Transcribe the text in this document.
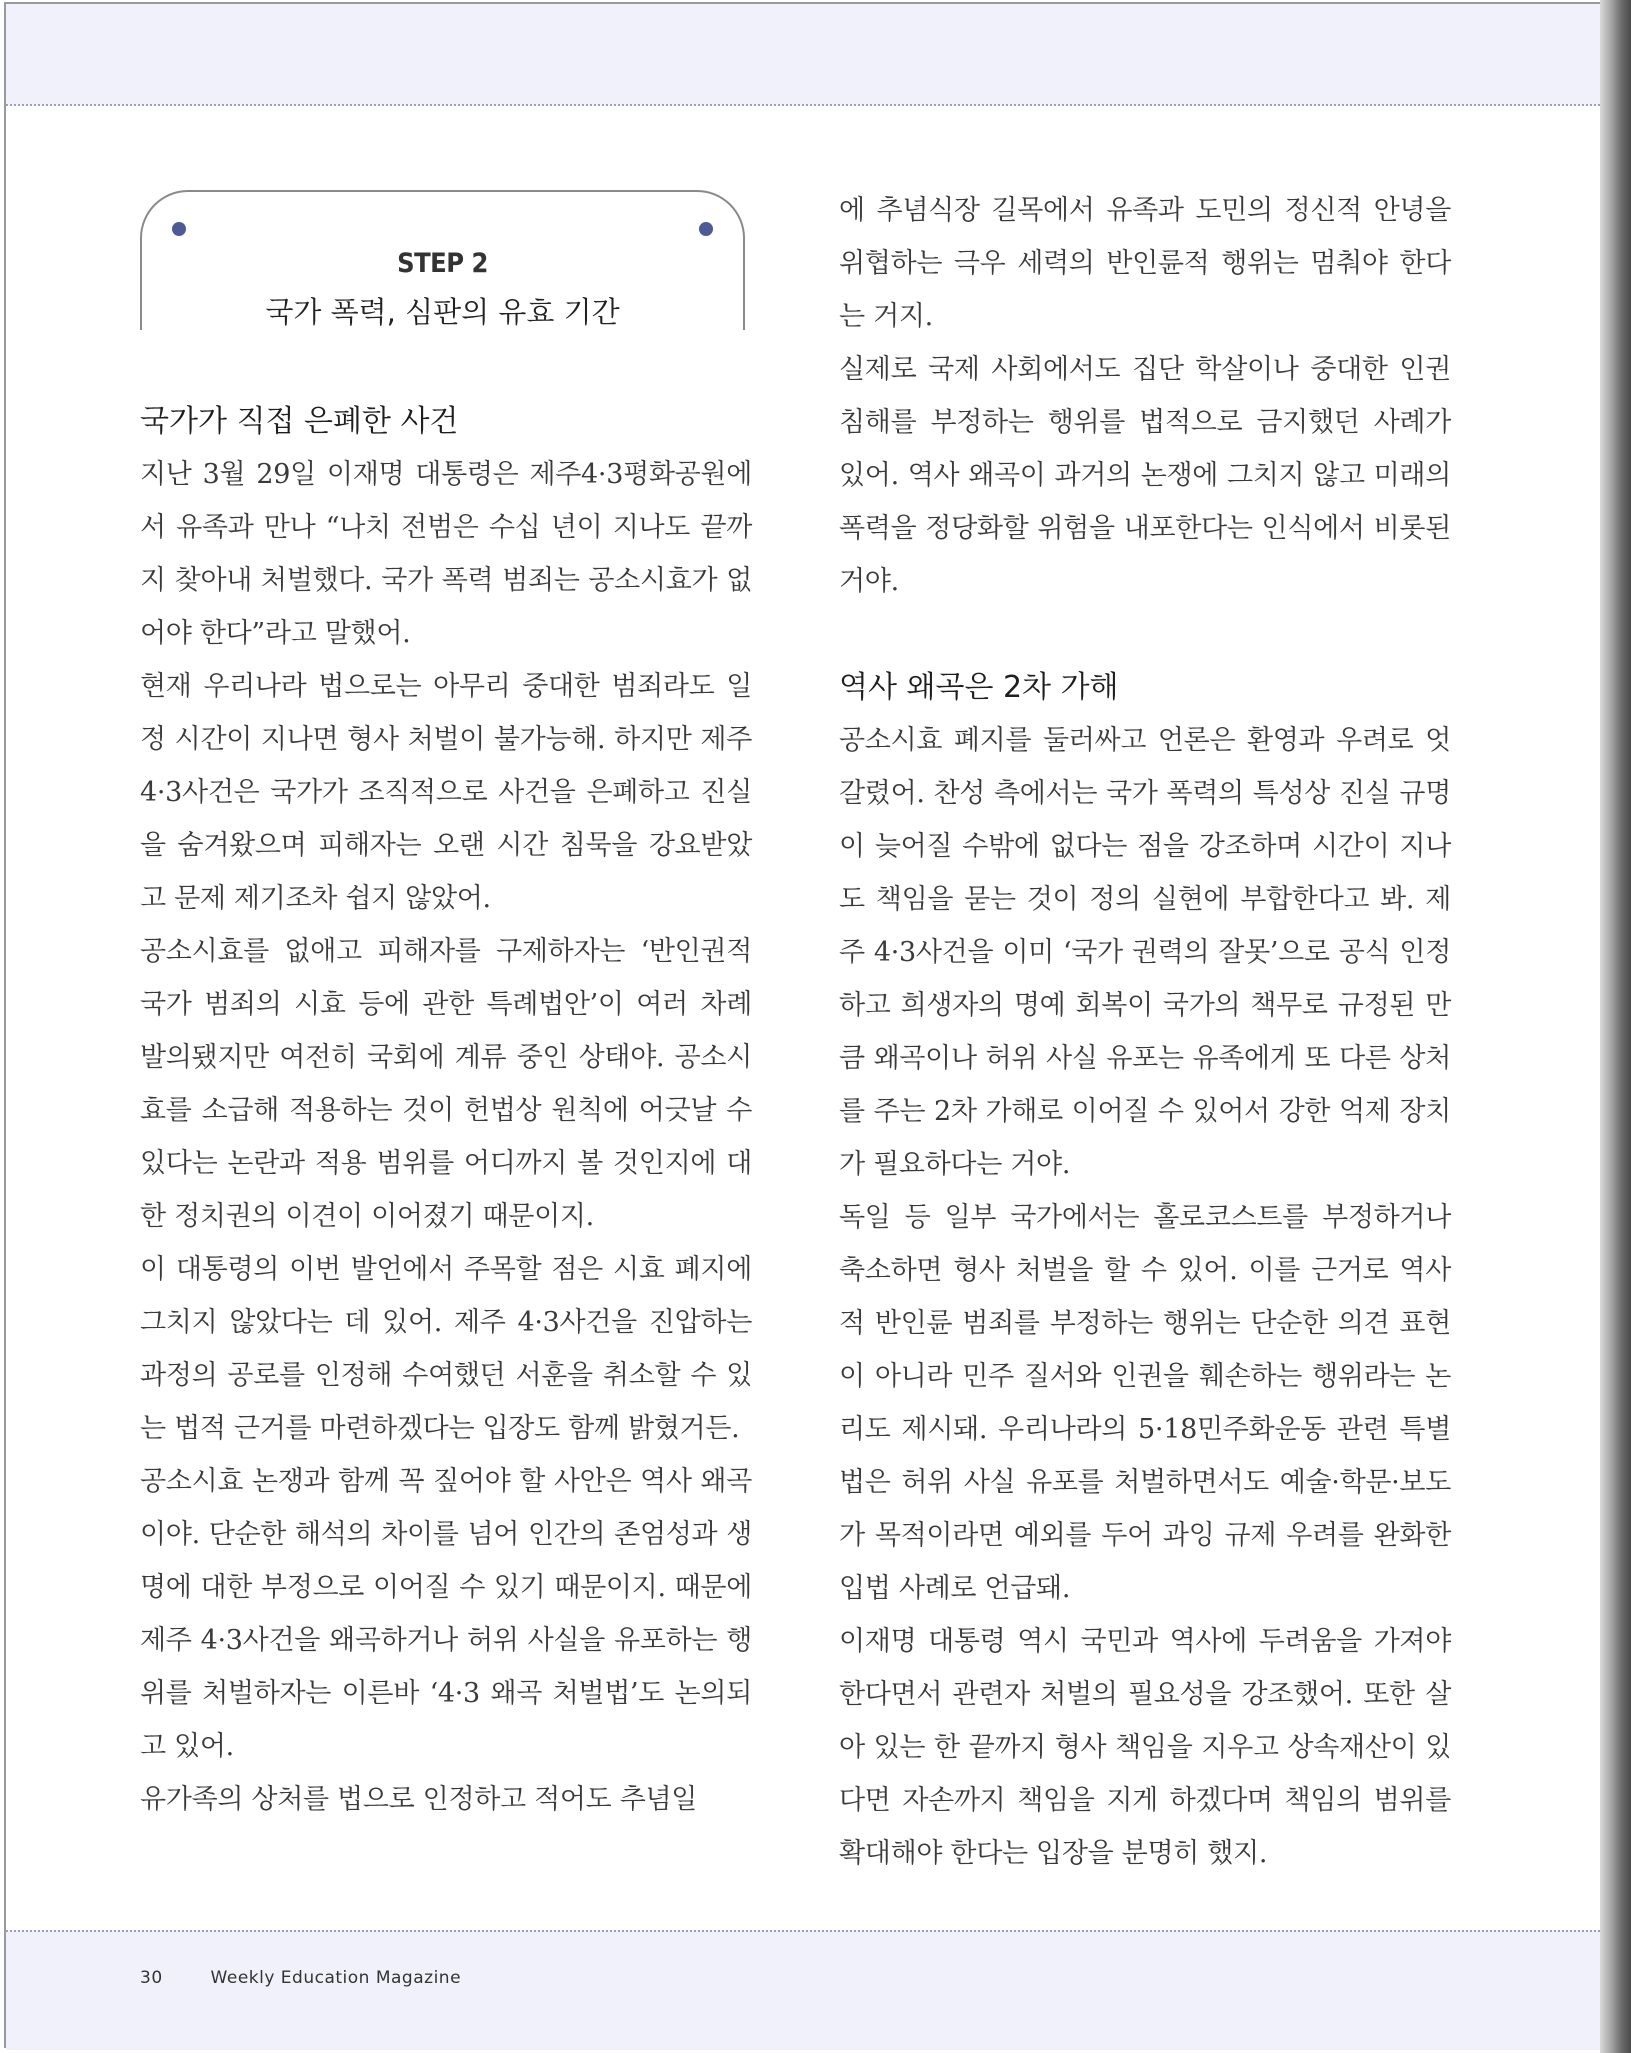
STEP 2
국가 폭력, 심판의 유효 기간
국가가 직접 은폐한 사건

지난 3월 29일 이재명 대통령은 제주4·3평화공원에서 유족과 만나 “나치 전범은 수십 년이 지나도 끝까지 찾아내 처벌했다. 국가 폭력 범죄는 공소시효가 없어야 한다”라고 말했어.

현재 우리나라 법으로는 아무리 중대한 범죄라도 일정 시간이 지나면 형사 처벌이 불가능해. 하지만 제주 4·3사건은 국가가 조직적으로 사건을 은폐하고 진실을 숨겨왔으며 피해자는 오랜 시간 침묵을 강요받았고 문제 제기조차 쉽지 않았어.

공소시효를 없애고 피해자를 구제하자는 ‘반인권적 국가 범죄의 시효 등에 관한 특례법안’이 여러 차례 발의됐지만 여전히 국회에 계류 중인 상태야. 공소시효를 소급해 적용하는 것이 헌법상 원칙에 어긋날 수 있다는 논란과 적용 범위를 어디까지 볼 것인지에 대한 정치권의 이견이 이어졌기 때문이지.

이 대통령의 이번 발언에서 주목할 점은 시효 폐지에 그치지 않았다는 데 있어. 제주 4·3사건을 진압하는 과정의 공로를 인정해 수여했던 서훈을 취소할 수 있는 법적 근거를 마련하겠다는 입장도 함께 밝혔거든.

공소시효 논쟁과 함께 꼭 짚어야 할 사안은 역사 왜곡이야. 단순한 해석의 차이를 넘어 인간의 존엄성과 생명에 대한 부정으로 이어질 수 있기 때문이지. 때문에 제주 4·3사건을 왜곡하거나 허위 사실을 유포하는 행위를 처벌하자는 이른바 ‘4·3 왜곡 처벌법’도 논의되고 있어.

유가족의 상처를 법으로 인정하고 적어도 추념일

에 추념식장 길목에서 유족과 도민의 정신적 안녕을 위협하는 극우 세력의 반인륜적 행위는 멈춰야 한다는 거지.

실제로 국제 사회에서도 집단 학살이나 중대한 인권 침해를 부정하는 행위를 법적으로 금지했던 사례가 있어. 역사 왜곡이 과거의 논쟁에 그치지 않고 미래의 폭력을 정당화할 위험을 내포한다는 인식에서 비롯된 거야.

역사 왜곡은 2차 가해

공소시효 폐지를 둘러싸고 언론은 환영과 우려로 엇갈렸어. 찬성 측에서는 국가 폭력의 특성상 진실 규명이 늦어질 수밖에 없다는 점을 강조하며 시간이 지나도 책임을 묻는 것이 정의 실현에 부합한다고 봐. 제주 4·3사건을 이미 ‘국가 권력의 잘못’으로 공식 인정하고 희생자의 명예 회복이 국가의 책무로 규정된 만큼 왜곡이나 허위 사실 유포는 유족에게 또 다른 상처를 주는 2차 가해로 이어질 수 있어서 강한 억제 장치가 필요하다는 거야.

독일 등 일부 국가에서는 홀로코스트를 부정하거나 축소하면 형사 처벌을 할 수 있어. 이를 근거로 역사적 반인륜 범죄를 부정하는 행위는 단순한 의견 표현이 아니라 민주 질서와 인권을 훼손하는 행위라는 논리도 제시돼. 우리나라의 5·18민주화운동 관련 특별법은 허위 사실 유포를 처벌하면서도 예술·학문·보도가 목적이라면 예외를 두어 과잉 규제 우려를 완화한 입법 사례로 언급돼.

이재명 대통령 역시 국민과 역사에 두려움을 가져야 한다면서 관련자 처벌의 필요성을 강조했어. 또한 살아 있는 한 끝까지 형사 책임을 지우고 상속재산이 있다면 자손까지 책임을 지게 하겠다며 책임의 범위를 확대해야 한다는 입장을 분명히 했지.

30	Weekly Education Magazine
